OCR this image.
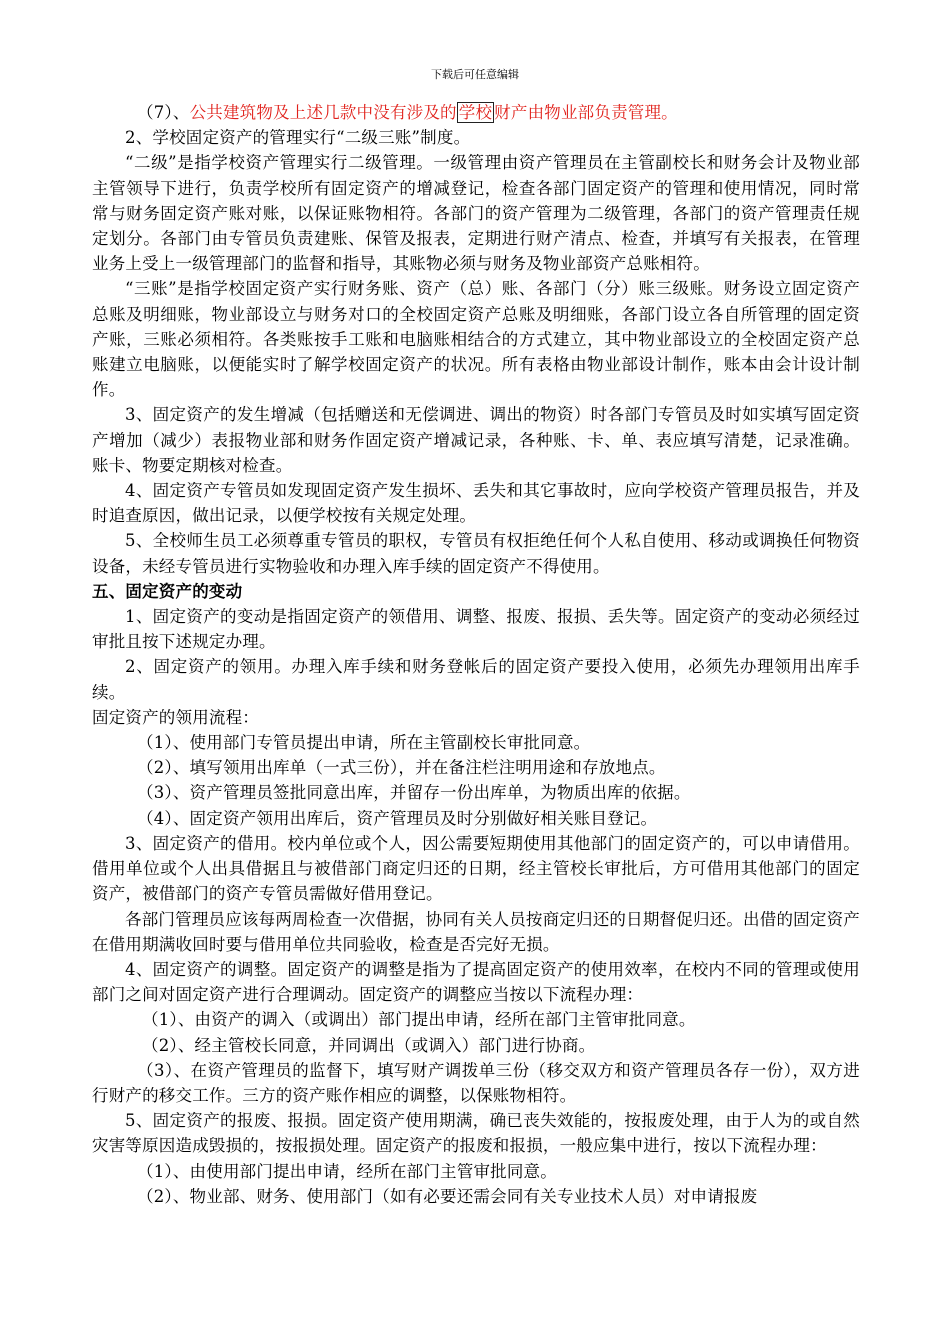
下载后可任意编辑

（7）、公共建筑物及上述几款中没有涉及的 学校 财产由物业部负责管理。

2、学校固定资产的管理实行“二级三账”制度。

“二级”是指学校资产管理实行二级管理。一级管理由资产管理员在主管副校长和财务会计及物业部主管领导下进行，负责学校所有固定资产的增减登记，检查各部门固定资产的管理和使用情况，同时常常与财务固定资产账对账，以保证账物相符。各部门的资产管理为二级管理，各部门的资产管理责任规定划分。各部门由专管员负责建账、保管及报表，定期进行财产清点、检查，并填写有关报表，在管理业务上受上一级管理部门的监督和指导，其账物必须与财务及物业部资产总账相符。

“三账”是指学校固定资产实行财务账、资产（总）账、各部门（分）账三级账。财务设立固定资产总账及明细账，物业部设立与财务对口的全校固定资产总账及明细账，各部门设立各自所管理的固定资产账，三账必须相符。各类账按手工账和电脑账相结合的方式建立，其中物业部设立的全校固定资产总账建立电脑账，以便能实时了解学校固定资产的状况。所有表格由物业部设计制作，账本由会计设计制作。

3、固定资产的发生增减（包括赠送和无偿调进、调出的物资）时各部门专管员及时如实填写固定资产增加（减少）表报物业部和财务作固定资产增减记录，各种账、卡、单、表应填写清楚，记录准确。账卡、物要定期核对检查。

4、固定资产专管员如发现固定资产发生损坏、丢失和其它事故时，应向学校资产管理员报告，并及时追查原因，做出记录，以便学校按有关规定处理。

5、全校师生员工必须尊重专管员的职权，专管员有权拒绝任何个人私自使用、移动或调换任何物资设备，未经专管员进行实物验收和办理入库手续的固定资产不得使用。

五、固定资产的变动

1、固定资产的变动是指固定资产的领借用、调整、报废、报损、丢失等。固定资产的变动必须经过审批且按下述规定办理。

2、固定资产的领用。办理入库手续和财务登帐后的固定资产要投入使用，必须先办理领用出库手续。

固定资产的领用流程：

（1）、使用部门专管员提出申请，所在主管副校长审批同意。

（2）、填写领用出库单（一式三份），并在备注栏注明用途和存放地点。

（3）、资产管理员签批同意出库，并留存一份出库单，为物质出库的依据。

（4）、固定资产领用出库后，资产管理员及时分别做好相关账目登记。

3、固定资产的借用。校内单位或个人，因公需要短期使用其他部门的固定资产的，可以申请借用。借用单位或个人出具借据且与被借部门商定归还的日期，经主管校长审批后，方可借用其他部门的固定资产，被借部门的资产专管员需做好借用登记。

各部门管理员应该每两周检查一次借据，协同有关人员按商定归还的日期督促归还。出借的固定资产在借用期满收回时要与借用单位共同验收，检查是否完好无损。

4、固定资产的调整。固定资产的调整是指为了提高固定资产的使用效率，在校内不同的管理或使用部门之间对固定资产进行合理调动。固定资产的调整应当按以下流程办理：

（1）、由资产的调入（或调出）部门提出申请，经所在部门主管审批同意。

（2）、经主管校长同意，并同调出（或调入）部门进行协商。

（3）、在资产管理员的监督下，填写财产调拨单三份（移交双方和资产管理员各存一份），双方进行财产的移交工作。三方的资产账作相应的调整，以保账物相符。

5、固定资产的报废、报损。固定资产使用期满，确已丧失效能的，按报废处理，由于人为的或自然灾害等原因造成毁损的，按报损处理。固定资产的报废和报损，一般应集中进行，按以下流程办理：

（1）、由使用部门提出申请，经所在部门主管审批同意。

（2）、物业部、财务、使用部门（如有必要还需会同有关专业技术人员）对申请报废
